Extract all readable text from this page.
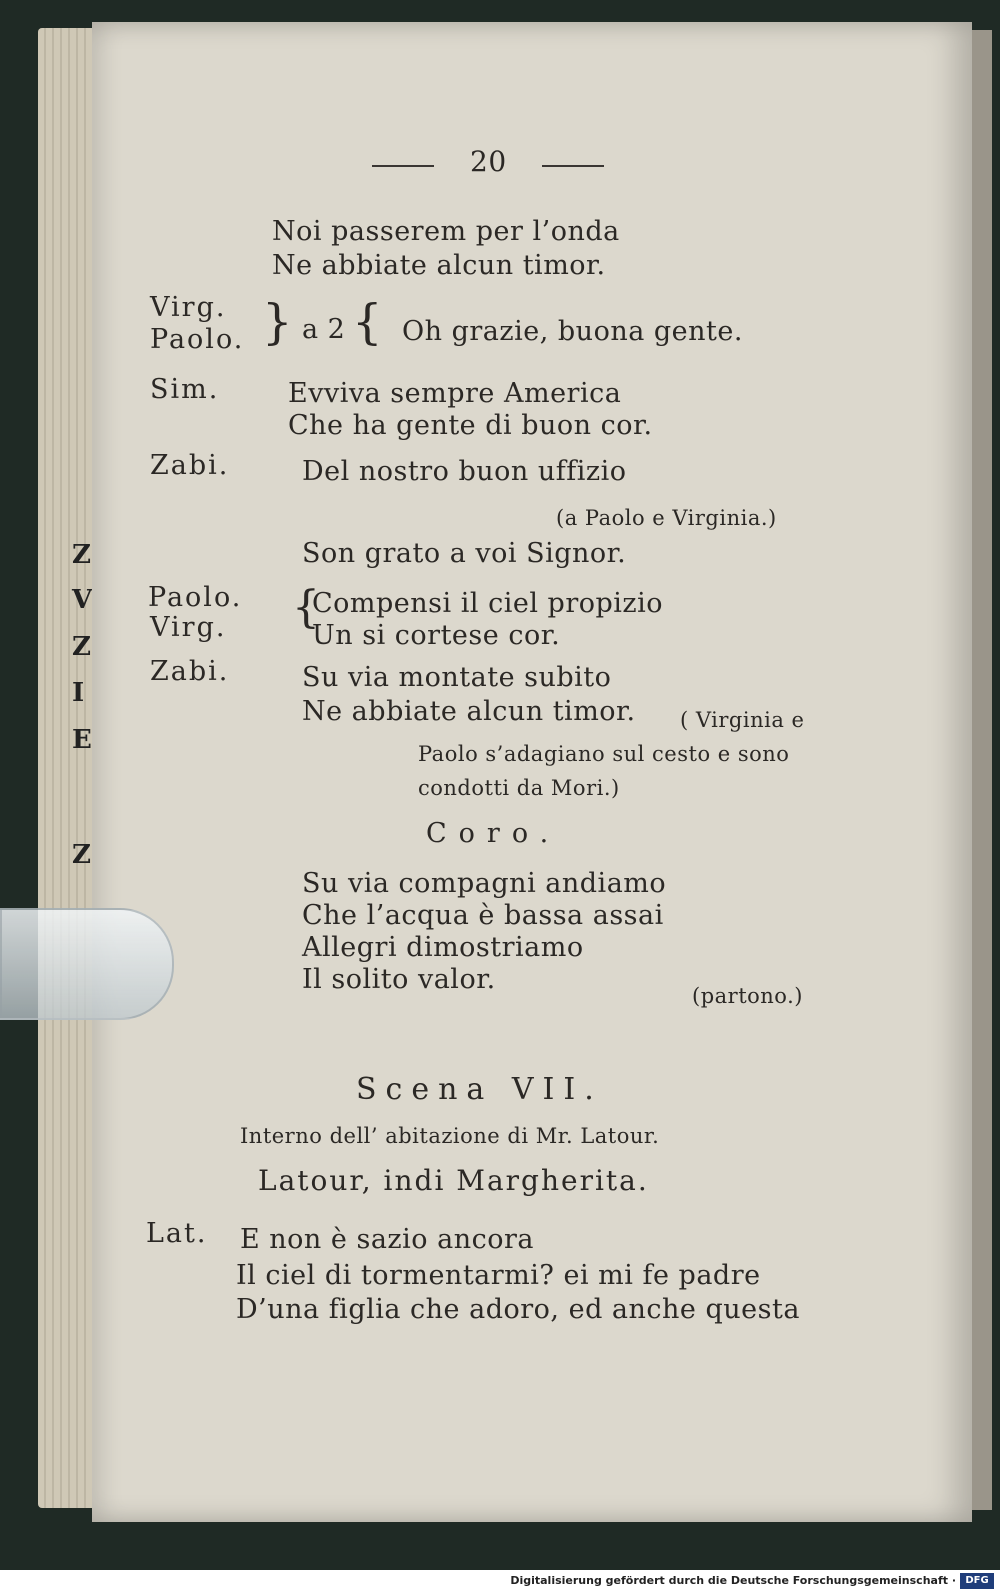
Z
V
Z
I
E
Z
20
Noi passerem per l’onda
Ne abbiate alcun timor.
Virg.
Paolo. } a 2 { Oh grazie, buona gente.
Sim.	Evviva sempre America
Che ha gente di buon cor.
Zabi.	Del nostro buon uffizio
(a Paolo e Virginia.)
Son grato a voi Signor.
Paolo.
Virg. {
Compensi il ciel propizio
Un si cortese cor.
Zabi.	Su via montate subito
Ne abbiate alcun timor. ( Virginia e
Paolo s’adagiano sul cesto e sono
condotti da Mori.)
Coro.
Su via compagni andiamo
Che l’acqua è bassa assai
Allegri dimostriamo
Il solito valor.
(partono.)
Scena VII.
Interno dell’ abitazione di Mr. Latour.
Latour, indi Margherita.
Lat. E non è sazio ancora
Il ciel di tormentarmi? ei mi fe padre
D’una figlia che adoro, ed anche questa
Digitalisierung gefördert durch die Deutsche Forschungsgemeinschaft · DFG
